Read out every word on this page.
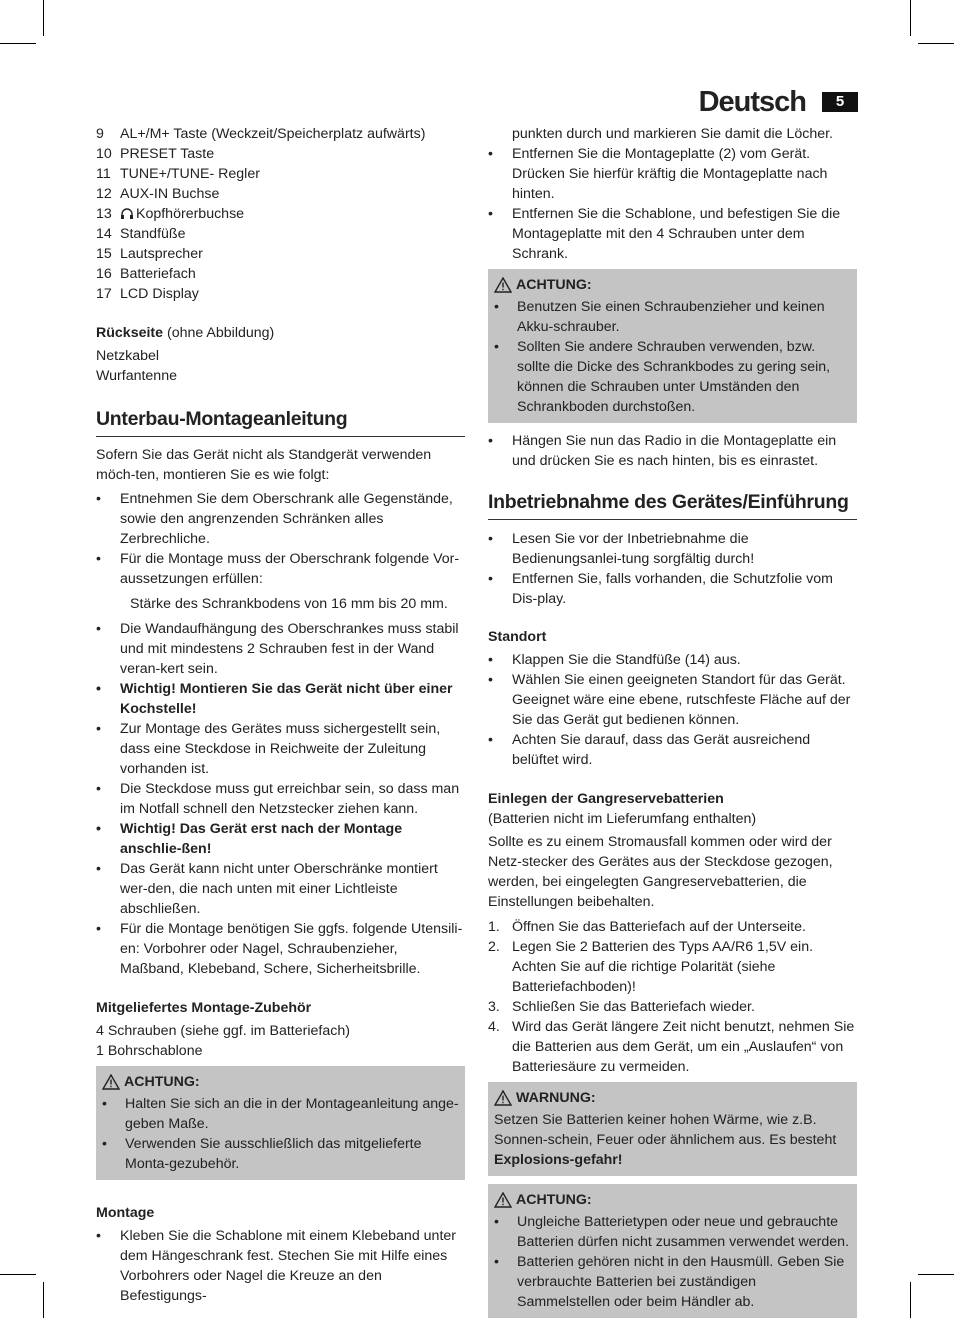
Deutsch	5
9	AL+/M+ Taste (Weckzeit/Speicherplatz aufwärts)
10 PRESET Taste
11 TUNE+/TUNE- Regler
12 AUX-IN Buchse
13	Kopfhörerbuchse
14 Standfüße
15 Lautsprecher
16 Batteriefach
17 LCD Display

Rückseite (ohne Abbildung)

Netzkabel

Wurfantenne

Unterbau-Montageanleitung

Sofern Sie das Gerät nicht als Standgerät verwenden möch-ten, montieren Sie es wie folgt:

• Entnehmen Sie dem Oberschrank alle Gegenstände, sowie den angrenzenden Schränken alles Zerbrechliche.
• Für die Montage muss der Oberschrank folgende Vor-aussetzungen erfüllen:

Stärke des Schrankbodens von 16 mm bis 20 mm.

• Die Wandaufhängung des Oberschrankes muss stabil und mit mindestens 2 Schrauben fest in der Wand veran-kert sein.
• Wichtig! Montieren Sie das Gerät nicht über einer Kochstelle!
• Zur Montage des Gerätes muss sichergestellt sein, dass eine Steckdose in Reichweite der Zuleitung vorhanden ist.
• Die Steckdose muss gut erreichbar sein, so dass man im Notfall schnell den Netzstecker ziehen kann.
• Wichtig! Das Gerät erst nach der Montage anschlie-ßen!
• Das Gerät kann nicht unter Oberschränke montiert wer-den, die nach unten mit einer Lichtleiste abschließen.
• Für die Montage benötigen Sie ggfs. folgende Utensili-en: Vorbohrer oder Nagel, Schraubenzieher, Maßband, Klebeband, Schere, Sicherheitsbrille.
Mitgeliefertes Montage-Zubehör

4 Schrauben (siehe ggf. im Batteriefach)

1 Bohrschablone

ACHTUNG:
• Halten Sie sich an die in der Montageanleitung ange-geben Maße.
• Verwenden Sie ausschließlich das mitgelieferte Monta-gezubehör.
Montage
• Kleben Sie die Schablone mit einem Klebeband unter dem Hängeschrank fest. Stechen Sie mit Hilfe eines Vorbohrers oder Nagel die Kreuze an den Befestigungs-

punkten durch und markieren Sie damit die Löcher.

• Entfernen Sie die Montageplatte (2) vom Gerät. Drücken Sie hierfür kräftig die Montageplatte nach hinten.
• Entfernen Sie die Schablone, und befestigen Sie die Montageplatte mit den 4 Schrauben unter dem Schrank.
ACHTUNG:
• Benutzen Sie einen Schraubenzieher und keinen Akku-schrauber.
• Sollten Sie andere Schrauben verwenden, bzw. sollte die Dicke des Schrankbodes zu gering sein, können die Schrauben unter Umständen den Schrankboden durchstoßen.
• Hängen Sie nun das Radio in die Montageplatte ein und drücken Sie es nach hinten, bis es einrastet.
Inbetriebnahme des Gerätes/Einführung
• Lesen Sie vor der Inbetriebnahme die Bedienungsanlei-tung sorgfältig durch!
• Entfernen Sie, falls vorhanden, die Schutzfolie vom Dis-play.
Standort
• Klappen Sie die Standfüße (14) aus.
• Wählen Sie einen geeigneten Standort für das Gerät. Geeignet wäre eine ebene, rutschfeste Fläche auf der Sie das Gerät gut bedienen können.
• Achten Sie darauf, dass das Gerät ausreichend belüftet wird.
Einlegen der Gangreservebatterien

(Batterien nicht im Lieferumfang enthalten)

Sollte es zu einem Stromausfall kommen oder wird der Netz-stecker des Gerätes aus der Steckdose gezogen, werden, bei eingelegten Gangreservebatterien, die Einstellungen beibehalten.

1. Öffnen Sie das Batteriefach auf der Unterseite.
2. Legen Sie 2 Batterien des Typs AA/R6 1,5V ein. Achten Sie auf die richtige Polarität (siehe Batteriefachboden)!
3. Schließen Sie das Batteriefach wieder.
4. Wird das Gerät längere Zeit nicht benutzt, nehmen Sie die Batterien aus dem Gerät, um ein „Auslaufen“ von Batteriesäure zu vermeiden.
WARNUNG:

Setzen Sie Batterien keiner hohen Wärme, wie z.B. Sonnen-schein, Feuer oder ähnlichem aus. Es besteht Explosions-gefahr!

ACHTUNG:
• Ungleiche Batterietypen oder neue und gebrauchte Batterien dürfen nicht zusammen verwendet werden.
• Batterien gehören nicht in den Hausmüll. Geben Sie verbrauchte Batterien bei zuständigen Sammelstellen oder beim Händler ab.
